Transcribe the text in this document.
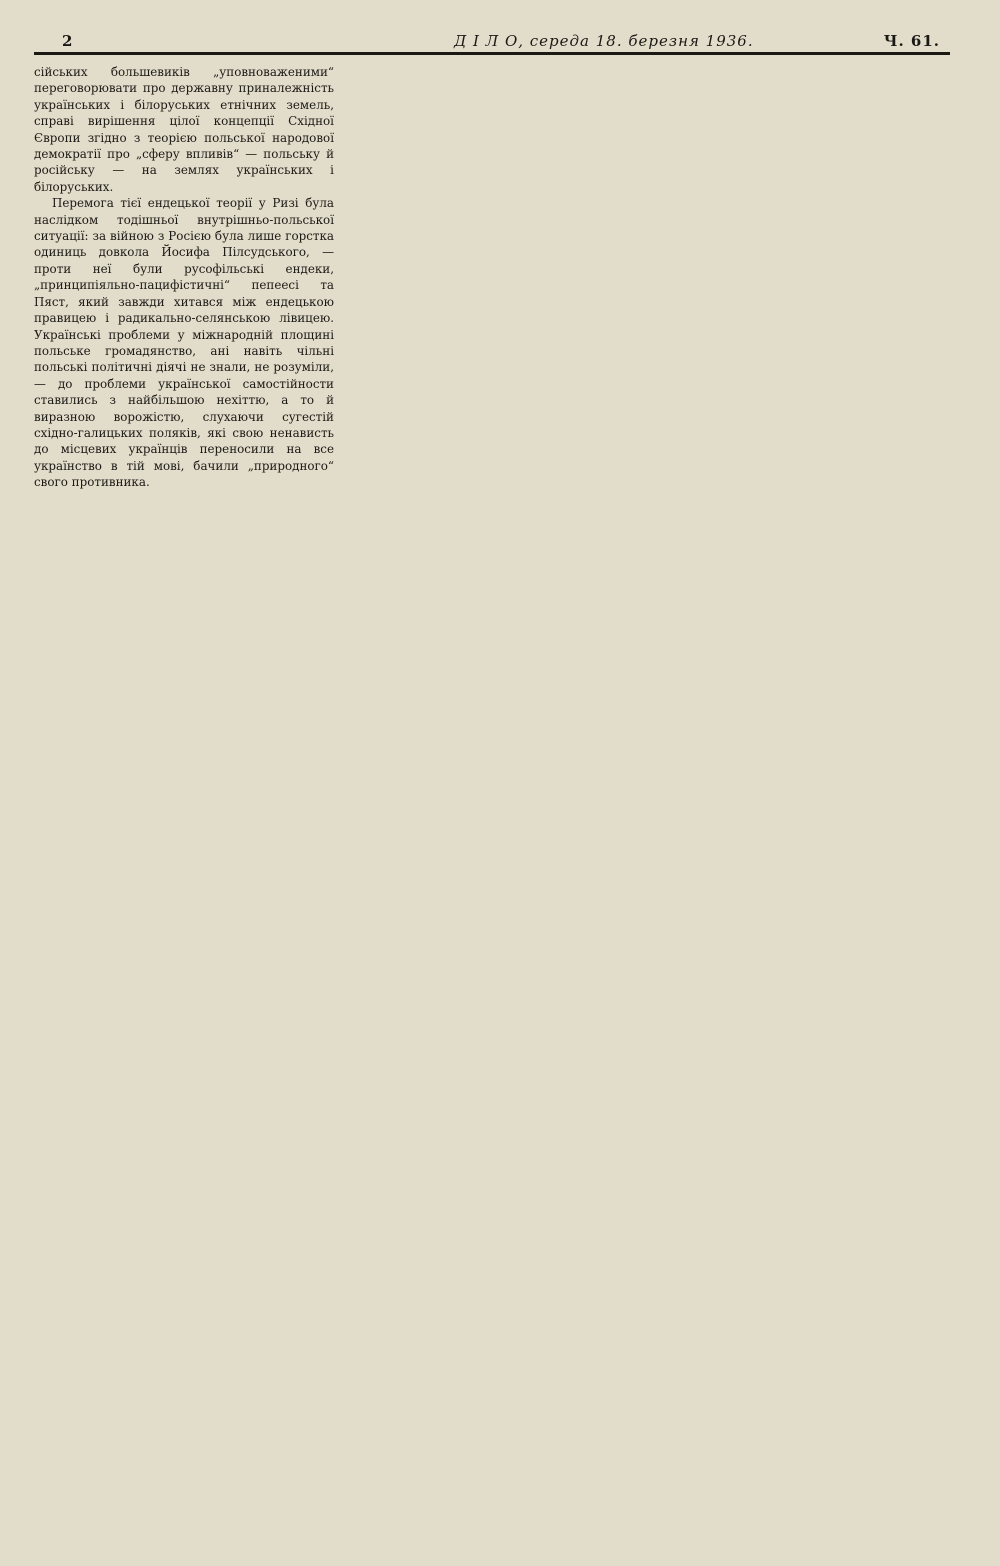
2	Д І Л О, середа 18. березня 1936.	Ч. 61.

сійських большевиків „уповноваженими“ переговорювати про державну приналежність українських і білоруських етнічних земель, справі вирішення цілої концепції Східної Європи згідно з теорією польської народової демократії про „сферу впливів“ — польську й російську — на землях українських і білоруських.

Перемога тієї ендецької теорії у Ризі була наслідком тодішньої внутрішньо-польської ситуації: за війною з Росією була лише горстка одиниць довкола Йосифа Пілсудського, — проти неї були русофільські ендеки, „принципіяльно-пацифістичні“ пепеесі та Пяст, який завжди хитався між ендецькою правицею і радикально-селянською лівицею. Українські проблеми у міжнародній площині польське громадянство, ані навіть чільні польські політичні діячі не знали, не розуміли, — до проблеми української самостійности ставились з найбільшою нехіттю, а то й виразною ворожістю, слухаючи сугестій східно-галицьких поляків, які свою ненависть до місцевих українців переносили на все українство в тій мові, бачили „природного“ свого противника.
